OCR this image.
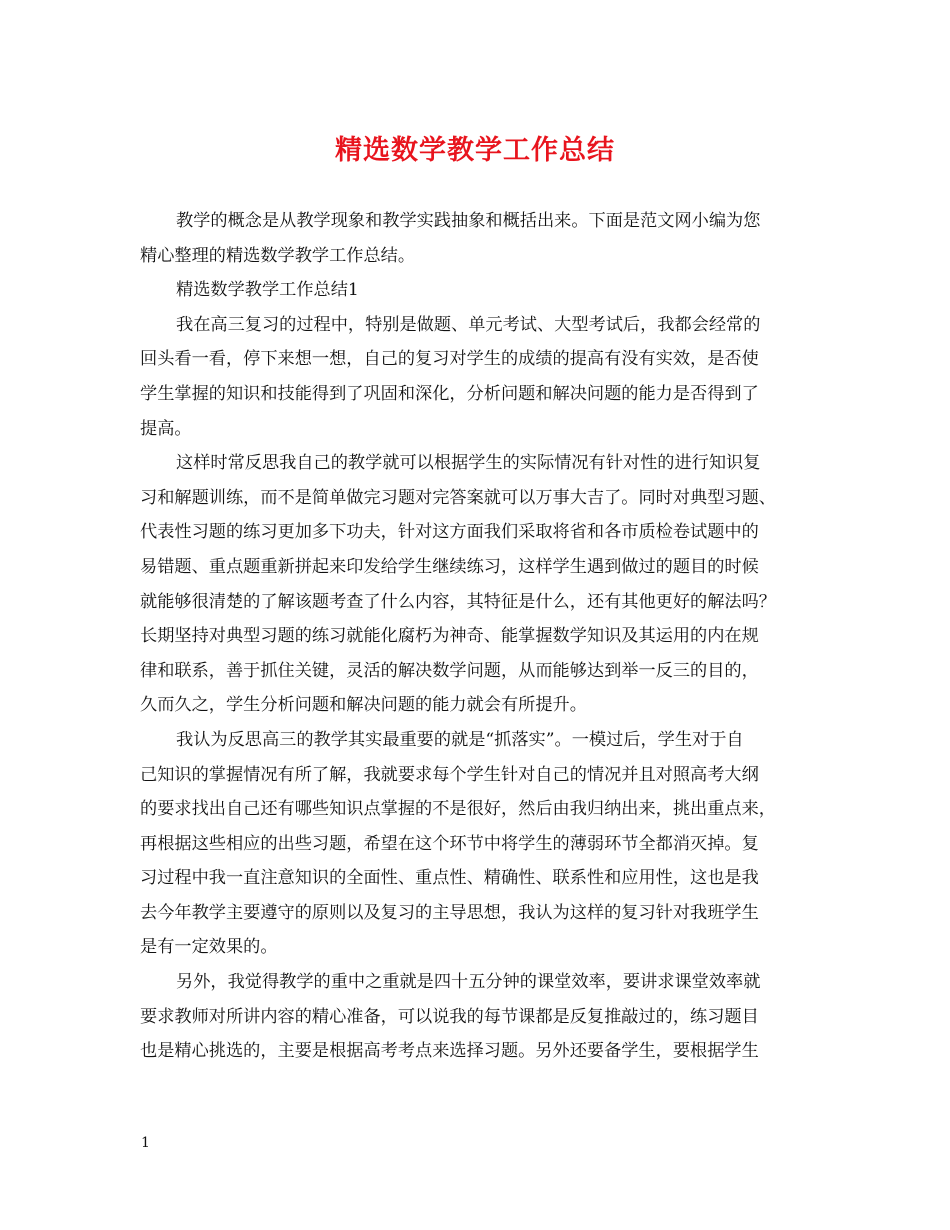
精选数学教学工作总结
教学的概念是从教学现象和教学实践抽象和概括出来。下面是范文网小编为您
精心整理的精选数学教学工作总结。
精选数学教学工作总结1
我在高三复习的过程中，特别是做题、单元考试、大型考试后，我都会经常的
回头看一看，停下来想一想，自己的复习对学生的成绩的提高有没有实效，是否使
学生掌握的知识和技能得到了巩固和深化，分析问题和解决问题的能力是否得到了
提高。
这样时常反思我自己的教学就可以根据学生的实际情况有针对性的进行知识复
习和解题训练，而不是简单做完习题对完答案就可以万事大吉了。同时对典型习题、
代表性习题的练习更加多下功夫，针对这方面我们采取将省和各市质检卷试题中的
易错题、重点题重新拼起来印发给学生继续练习，这样学生遇到做过的题目的时候
就能够很清楚的了解该题考查了什么内容，其特征是什么，还有其他更好的解法吗？
长期坚持对典型习题的练习就能化腐朽为神奇、能掌握数学知识及其运用的内在规
律和联系，善于抓住关键，灵活的解决数学问题，从而能够达到举一反三的目的，
久而久之，学生分析问题和解决问题的能力就会有所提升。
我认为反思高三的教学其实最重要的就是“抓落实”。一模过后，学生对于自
己知识的掌握情况有所了解，我就要求每个学生针对自己的情况并且对照高考大纲
的要求找出自己还有哪些知识点掌握的不是很好，然后由我归纳出来，挑出重点来，
再根据这些相应的出些习题，希望在这个环节中将学生的薄弱环节全都消灭掉。复
习过程中我一直注意知识的全面性、重点性、精确性、联系性和应用性，这也是我
去今年教学主要遵守的原则以及复习的主导思想，我认为这样的复习针对我班学生
是有一定效果的。
另外，我觉得教学的重中之重就是四十五分钟的课堂效率，要讲求课堂效率就
要求教师对所讲内容的精心准备，可以说我的每节课都是反复推敲过的，练习题目
也是精心挑选的，主要是根据高考考点来选择习题。另外还要备学生，要根据学生
1
